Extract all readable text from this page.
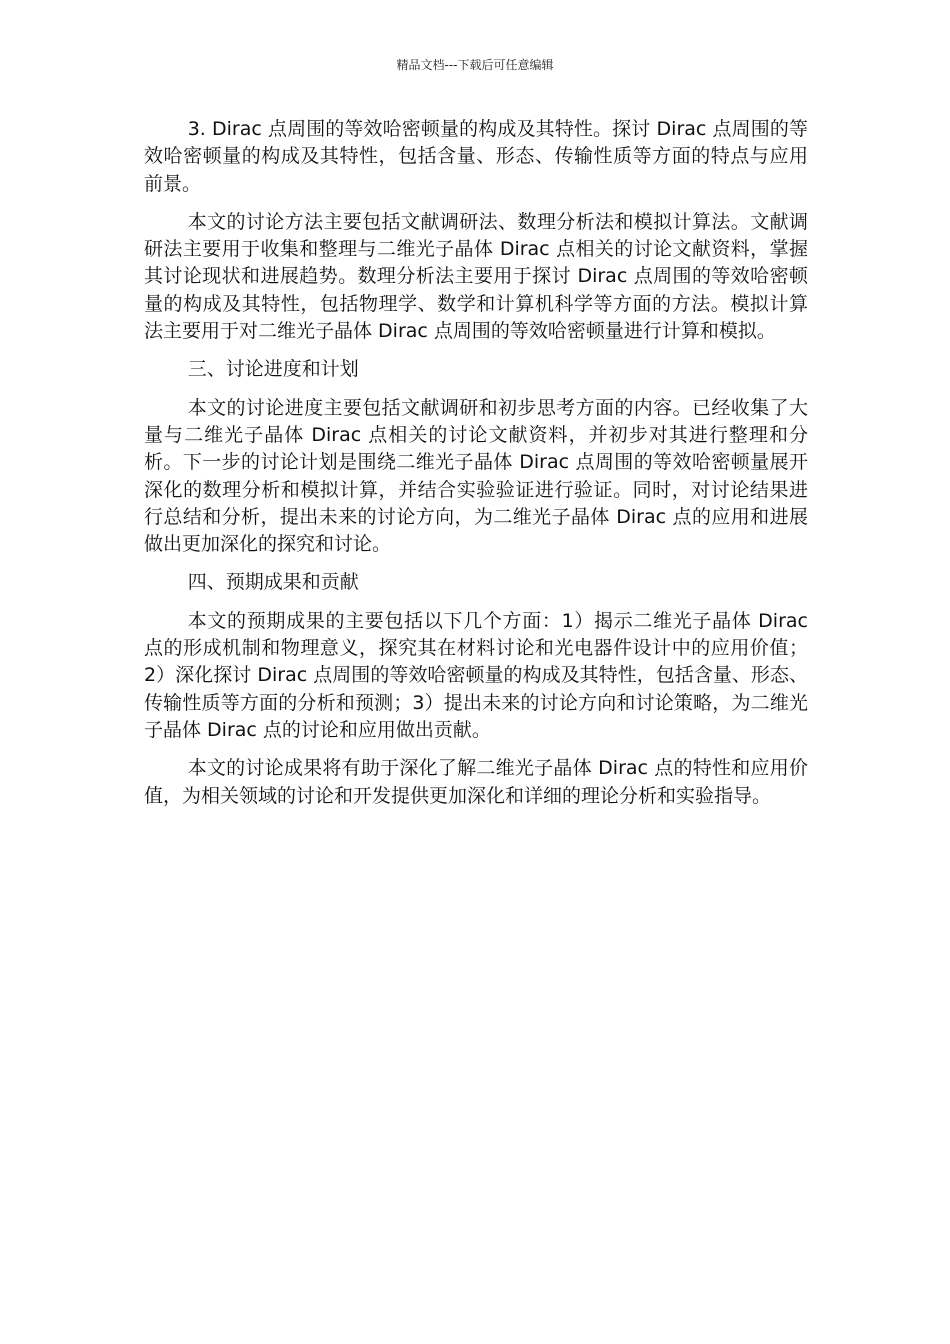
精品文档---下载后可任意编辑

3. Dirac 点周围的等效哈密顿量的构成及其特性。探讨 Dirac 点周围的等效哈密顿量的构成及其特性，包括含量、形态、传输性质等方面的特点与应用前景。

本文的讨论方法主要包括文献调研法、数理分析法和模拟计算法。文献调研法主要用于收集和整理与二维光子晶体 Dirac 点相关的讨论文献资料，掌握其讨论现状和进展趋势。数理分析法主要用于探讨 Dirac 点周围的等效哈密顿量的构成及其特性，包括物理学、数学和计算机科学等方面的方法。模拟计算法主要用于对二维光子晶体 Dirac 点周围的等效哈密顿量进行计算和模拟。

三、讨论进度和计划

本文的讨论进度主要包括文献调研和初步思考方面的内容。已经收集了大量与二维光子晶体 Dirac 点相关的讨论文献资料，并初步对其进行整理和分析。下一步的讨论计划是围绕二维光子晶体 Dirac 点周围的等效哈密顿量展开深化的数理分析和模拟计算，并结合实验验证进行验证。同时，对讨论结果进行总结和分析，提出未来的讨论方向，为二维光子晶体 Dirac 点的应用和进展做出更加深化的探究和讨论。

四、预期成果和贡献

本文的预期成果的主要包括以下几个方面：1）揭示二维光子晶体 Dirac 点的形成机制和物理意义，探究其在材料讨论和光电器件设计中的应用价值；2）深化探讨 Dirac 点周围的等效哈密顿量的构成及其特性，包括含量、形态、传输性质等方面的分析和预测；3）提出未来的讨论方向和讨论策略，为二维光子晶体 Dirac 点的讨论和应用做出贡献。

本文的讨论成果将有助于深化了解二维光子晶体 Dirac 点的特性和应用价值，为相关领域的讨论和开发提供更加深化和详细的理论分析和实验指导。
